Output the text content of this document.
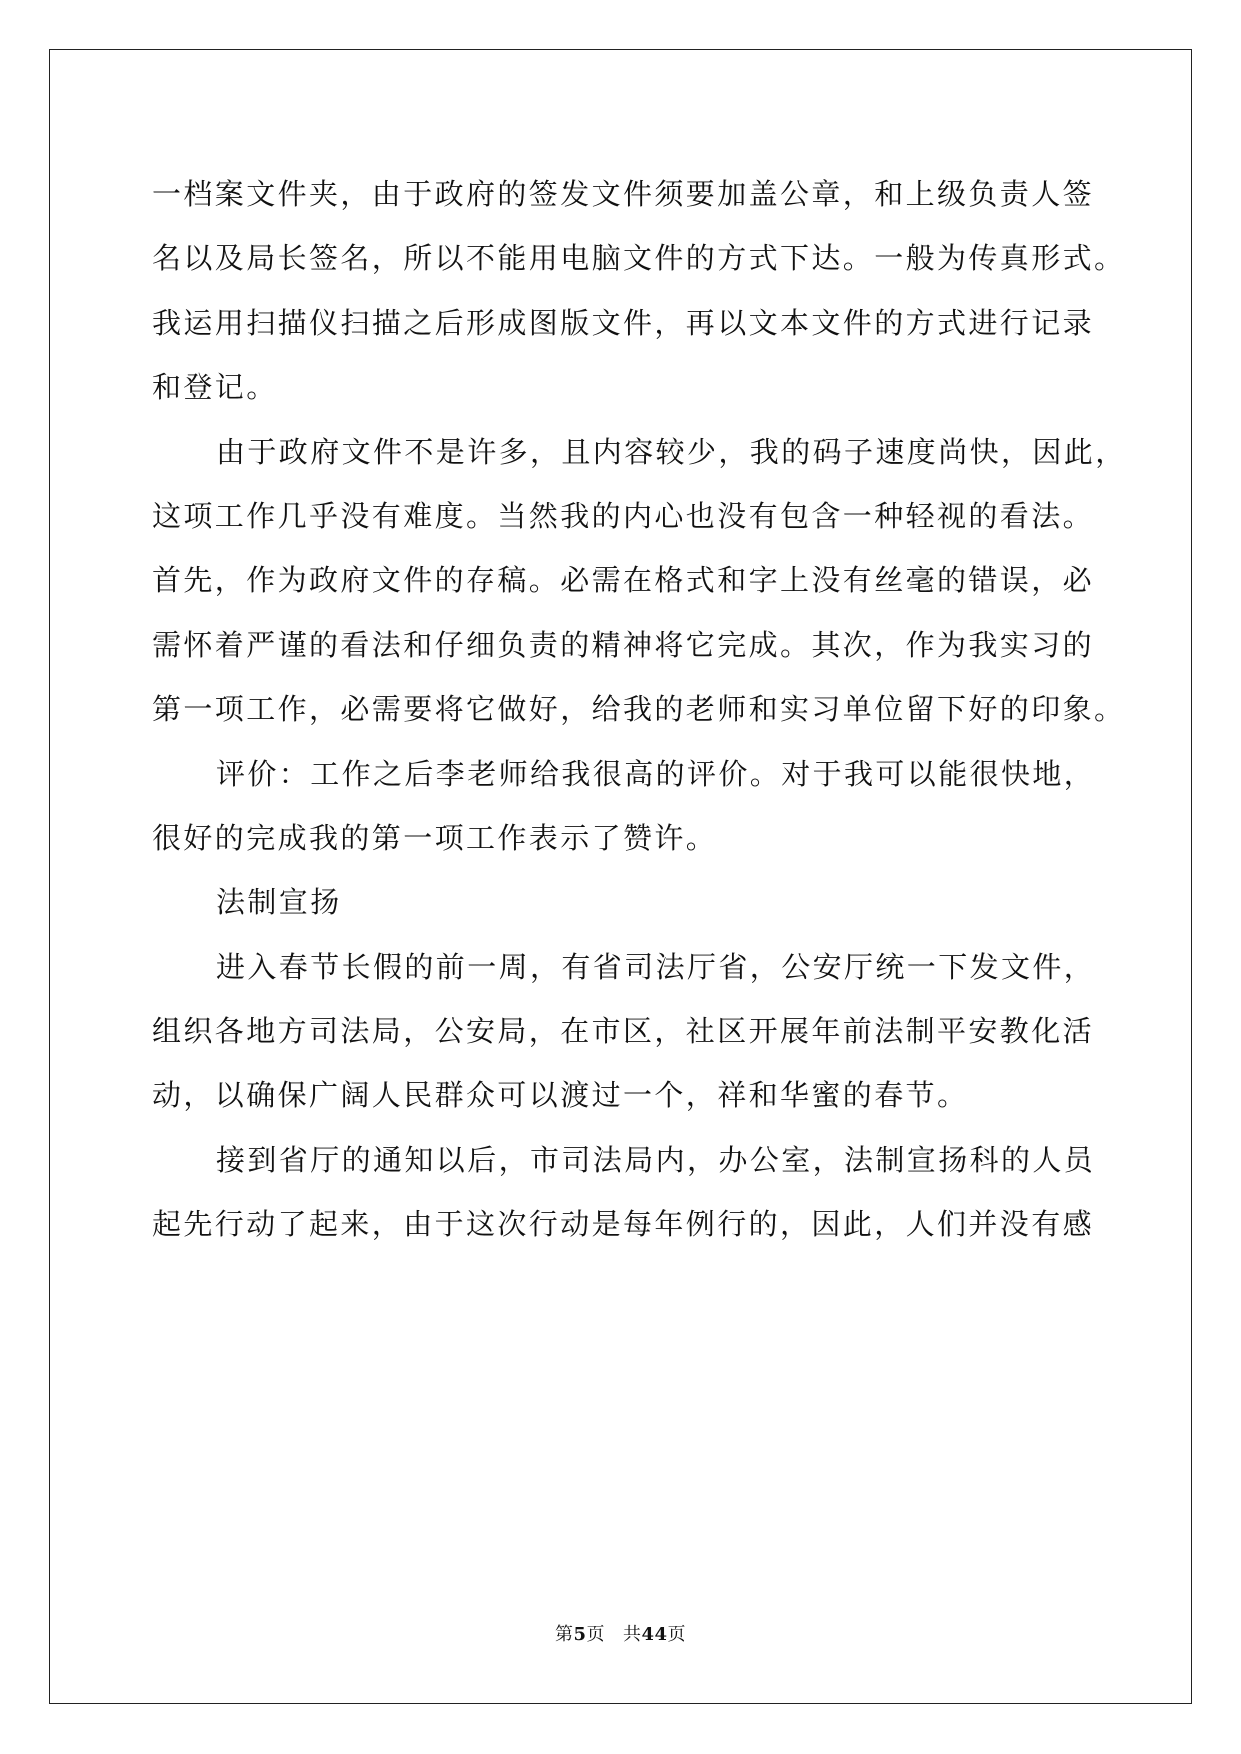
一档案文件夹，由于政府的签发文件须要加盖公章，和上级负责人签
名以及局长签名，所以不能用电脑文件的方式下达。一般为传真形式。
我运用扫描仪扫描之后形成图版文件，再以文本文件的方式进行记录
和登记。
由于政府文件不是许多，且内容较少，我的码子速度尚快，因此，
这项工作几乎没有难度。当然我的内心也没有包含一种轻视的看法。
首先，作为政府文件的存稿。必需在格式和字上没有丝毫的错误，必
需怀着严谨的看法和仔细负责的精神将它完成。其次，作为我实习的
第一项工作，必需要将它做好，给我的老师和实习单位留下好的印象。
评价：工作之后李老师给我很高的评价。对于我可以能很快地，
很好的完成我的第一项工作表示了赞许。
法制宣扬
进入春节长假的前一周，有省司法厅省，公安厅统一下发文件，
组织各地方司法局，公安局，在市区，社区开展年前法制平安教化活
动，以确保广阔人民群众可以渡过一个，祥和华蜜的春节。
接到省厅的通知以后，市司法局内，办公室，法制宣扬科的人员
起先行动了起来，由于这次行动是每年例行的，因此，人们并没有感
第5页 共44页
